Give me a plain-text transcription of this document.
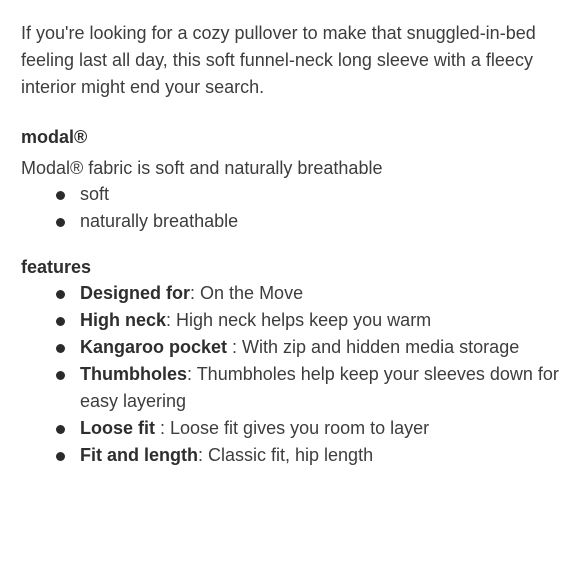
If you're looking for a cozy pullover to make that snuggled-in-bed feeling last all day, this soft funnel-neck long sleeve with a fleecy interior might end your search.

modal®
Modal® fabric is soft and naturally breathable
soft
naturally breathable
features
Designed for: On the Move
High neck: High neck helps keep you warm
Kangaroo pocket : With zip and hidden media storage
Thumbholes: Thumbholes help keep your sleeves down for easy layering
Loose fit : Loose fit gives you room to layer
Fit and length: Classic fit, hip length
